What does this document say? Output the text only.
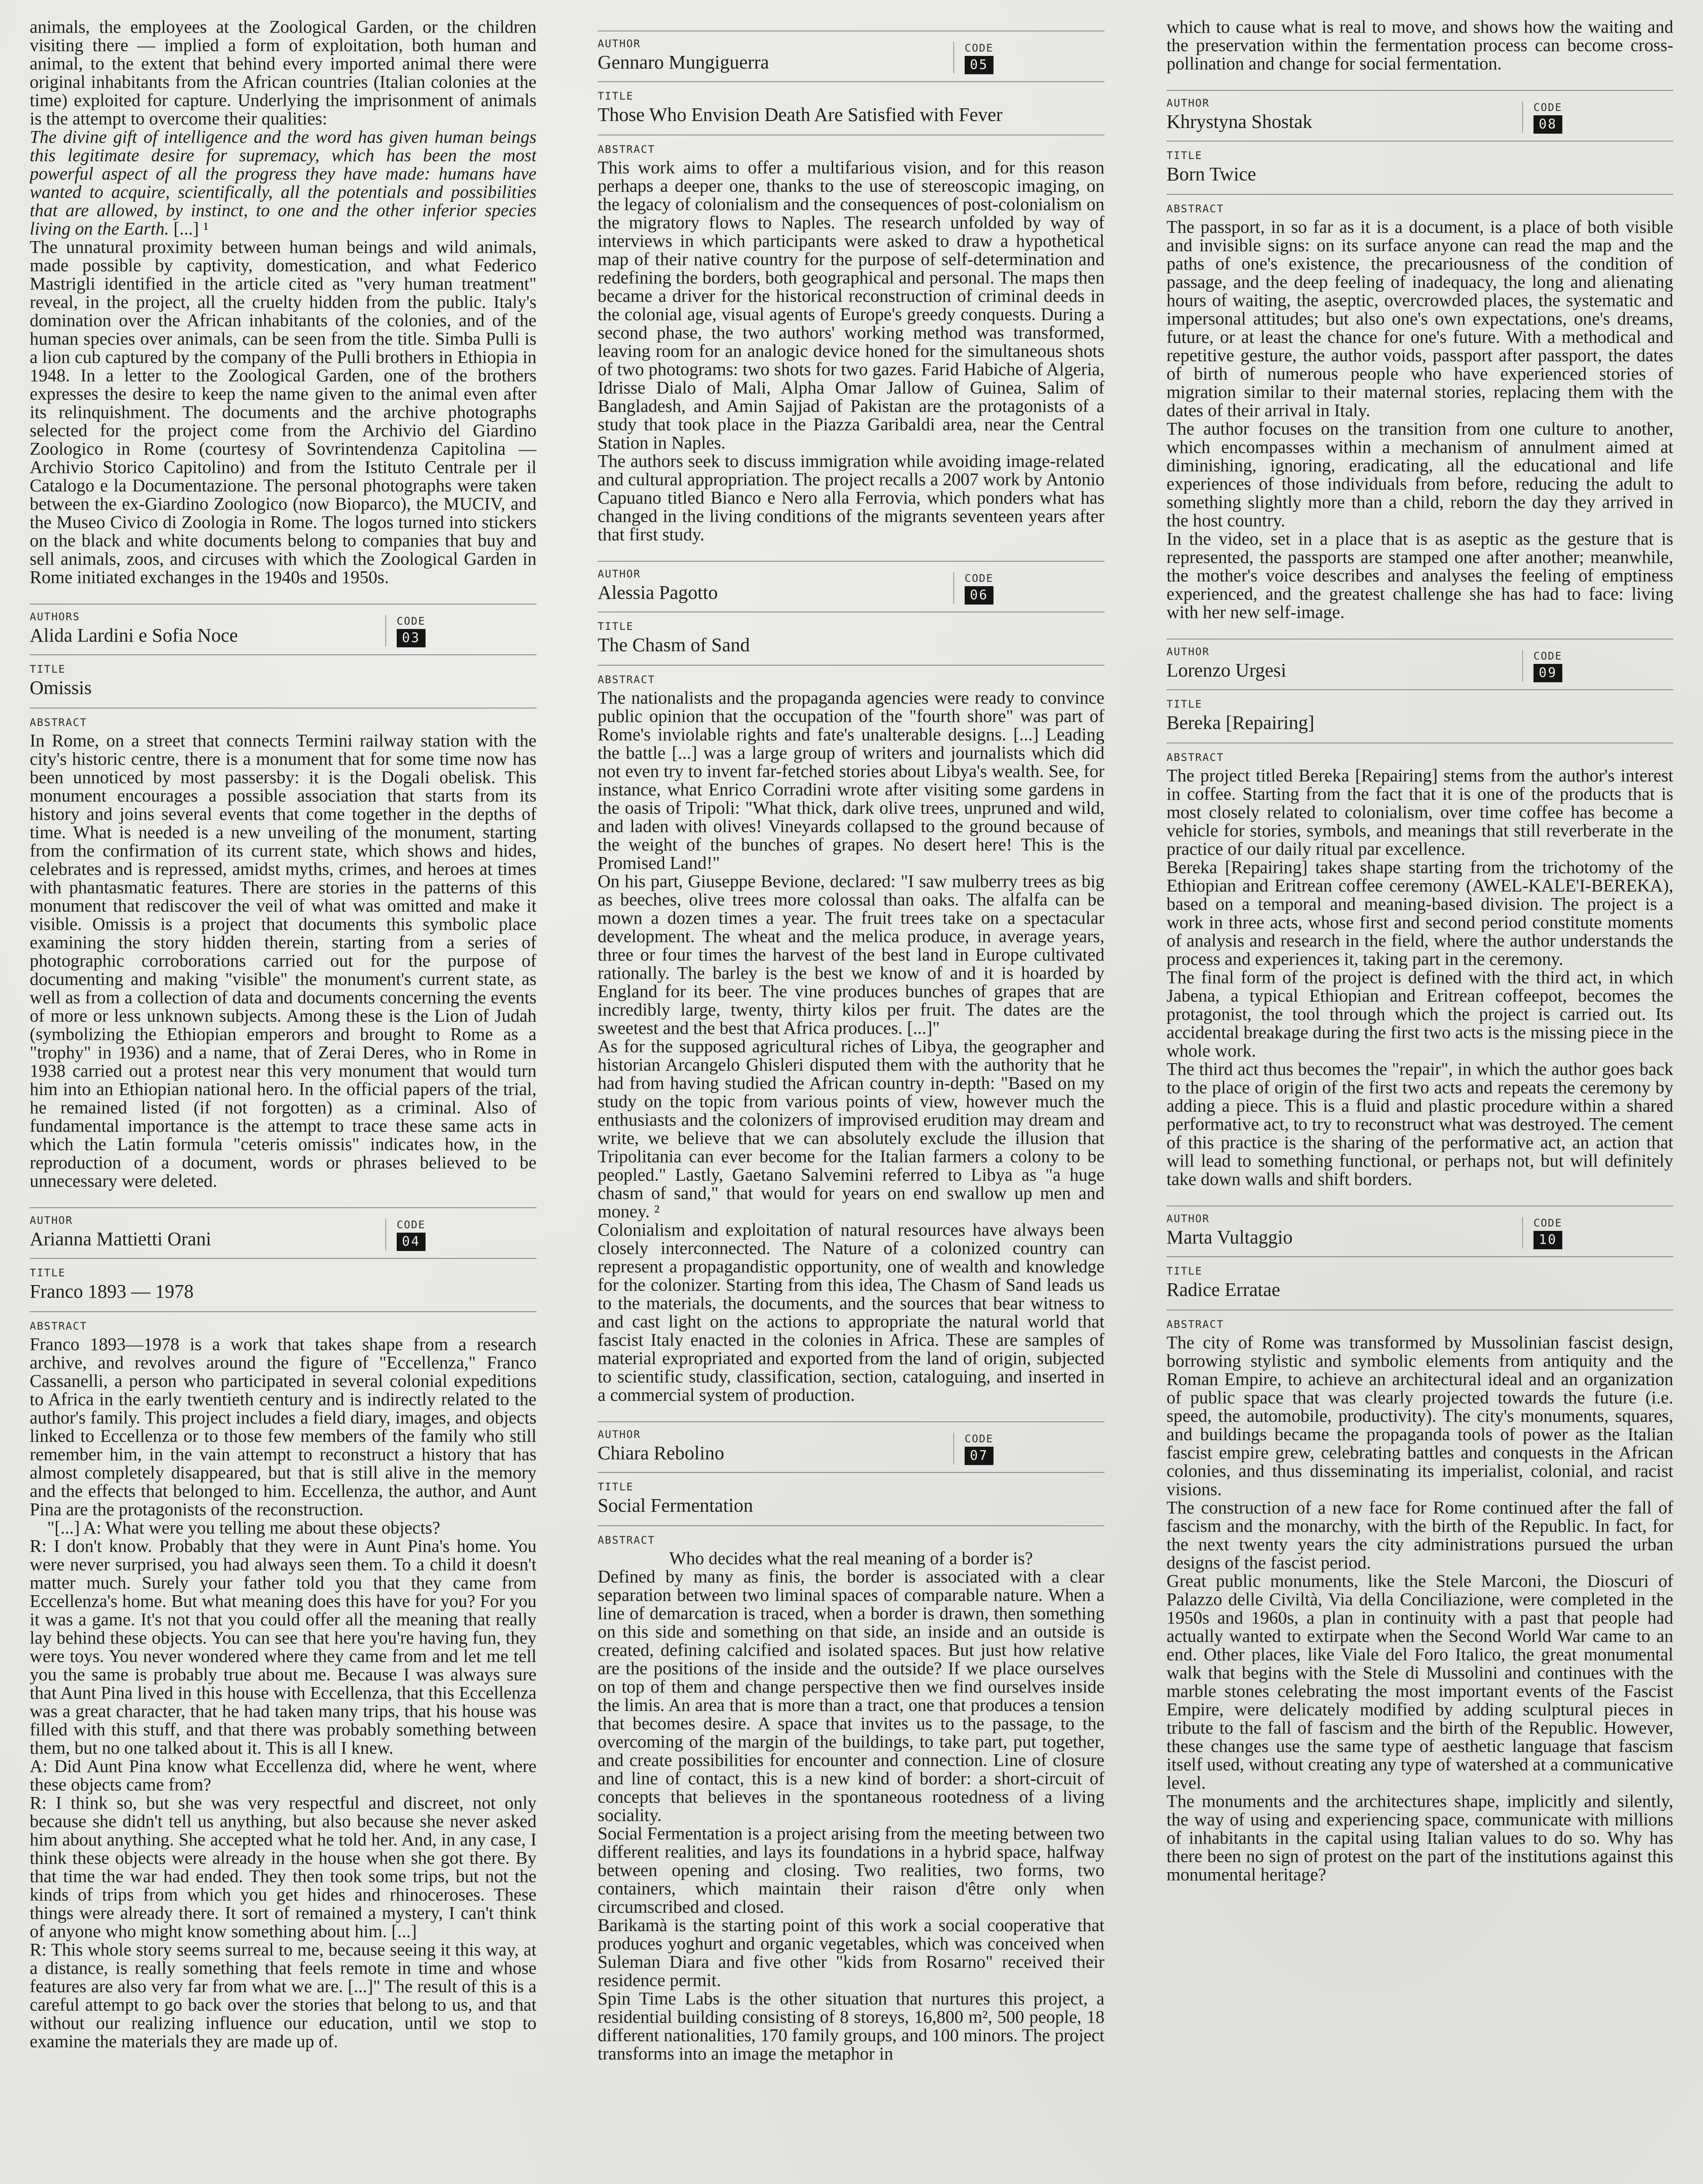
animals, the employees at the Zoological Garden, or the children visiting there — implied a form of exploitation, both human and animal, to the extent that behind every imported animal there were original inhabitants from the African countries (Italian colonies at the time) exploited for capture. Underlying the imprisonment of animals is the attempt to overcome their qualities:

The divine gift of intelligence and the word has given human beings this legitimate desire for supremacy, which has been the most powerful aspect of all the progress they have made: humans have wanted to acquire, scientifically, all the potentials and possibilities that are allowed, by instinct, to one and the other inferior species living on the Earth. [...] ¹

The unnatural proximity between human beings and wild animals, made possible by captivity, domestication, and what Federico Mastrigli identified in the article cited as "very human treatment" reveal, in the project, all the cruelty hidden from the public. Italy's domination over the African inhabitants of the colonies, and of the human species over animals, can be seen from the title. Simba Pulli is a lion cub captured by the company of the Pulli brothers in Ethiopia in 1948. In a letter to the Zoological Garden, one of the brothers expresses the desire to keep the name given to the animal even after its relinquishment. The documents and the archive photographs selected for the project come from the Archivio del Giardino Zoologico in Rome (courtesy of Sovrintendenza Capitolina — Archivio Storico Capitolino) and from the Istituto Centrale per il Catalogo e la Documentazione. The personal photographs were taken between the ex-Giardino Zoologico (now Bioparco), the MUCIV, and the Museo Civico di Zoologia in Rome. The logos turned into stickers on the black and white documents belong to companies that buy and sell animals, zoos, and circuses with which the Zoological Garden in Rome initiated exchanges in the 1940s and 1950s.

AUTHORS

Alida Lardini e Sofia Noce

CODE

03

TITLE

Omissis

ABSTRACT

In Rome, on a street that connects Termini railway station with the city's historic centre, there is a monument that for some time now has been unnoticed by most passersby: it is the Dogali obelisk. This monument encourages a possible association that starts from its history and joins several events that come together in the depths of time. What is needed is a new unveiling of the monument, starting from the confirmation of its current state, which shows and hides, celebrates and is repressed, amidst myths, crimes, and heroes at times with phantasmatic features. There are stories in the patterns of this monument that rediscover the veil of what was omitted and make it visible. Omissis is a project that documents this symbolic place examining the story hidden therein, starting from a series of photographic corroborations carried out for the purpose of documenting and making "visible" the monument's current state, as well as from a collection of data and documents concerning the events of more or less unknown subjects. Among these is the Lion of Judah (symbolizing the Ethiopian emperors and brought to Rome as a "trophy" in 1936) and a name, that of Zerai Deres, who in Rome in 1938 carried out a protest near this very monument that would turn him into an Ethiopian national hero. In the official papers of the trial, he remained listed (if not forgotten) as a criminal. Also of fundamental importance is the attempt to trace these same acts in which the Latin formula "ceteris omissis" indicates how, in the reproduction of a document, words or phrases believed to be unnecessary were deleted.

AUTHOR

Arianna Mattietti Orani

CODE

04

TITLE

Franco 1893 — 1978

ABSTRACT

Franco 1893—1978 is a work that takes shape from a research archive, and revolves around the figure of "Eccellenza," Franco Cassanelli, a person who participated in several colonial expeditions to Africa in the early twentieth century and is indirectly related to the author's family. This project includes a field diary, images, and objects linked to Eccellenza or to those few members of the family who still remember him, in the vain attempt to reconstruct a history that has almost completely disappeared, but that is still alive in the memory and the effects that belonged to him. Eccellenza, the author, and Aunt Pina are the protagonists of the reconstruction.

"[...] A: What were you telling me about these objects?

R: I don't know. Probably that they were in Aunt Pina's home. You were never surprised, you had always seen them. To a child it doesn't matter much. Surely your father told you that they came from Eccellenza's home. But what meaning does this have for you? For you it was a game. It's not that you could offer all the meaning that really lay behind these objects. You can see that here you're having fun, they were toys. You never wondered where they came from and let me tell you the same is probably true about me. Because I was always sure that Aunt Pina lived in this house with Eccellenza, that this Eccellenza was a great character, that he had taken many trips, that his house was filled with this stuff, and that there was probably something between them, but no one talked about it. This is all I knew.

A: Did Aunt Pina know what Eccellenza did, where he went, where these objects came from?

R: I think so, but she was very respectful and discreet, not only because she didn't tell us anything, but also because she never asked him about anything. She accepted what he told her. And, in any case, I think these objects were already in the house when she got there. By that time the war had ended. They then took some trips, but not the kinds of trips from which you get hides and rhinoceroses. These things were already there. It sort of remained a mystery, I can't think of anyone who might know something about him. [...]

R: This whole story seems surreal to me, because seeing it this way, at a distance, is really something that feels remote in time and whose features are also very far from what we are. [...]" The result of this is a careful attempt to go back over the stories that belong to us, and that without our realizing influence our education, until we stop to examine the materials they are made up of.

AUTHOR

Gennaro Mungiguerra

CODE

05

TITLE

Those Who Envision Death Are Satisfied with Fever

ABSTRACT

This work aims to offer a multifarious vision, and for this reason perhaps a deeper one, thanks to the use of stereoscopic imaging, on the legacy of colonialism and the consequences of post-colonialism on the migratory flows to Naples. The research unfolded by way of interviews in which participants were asked to draw a hypothetical map of their native country for the purpose of self-determination and redefining the borders, both geographical and personal. The maps then became a driver for the historical reconstruction of criminal deeds in the colonial age, visual agents of Europe's greedy conquests. During a second phase, the two authors' working method was transformed, leaving room for an analogic device honed for the simultaneous shots of two photograms: two shots for two gazes. Farid Habiche of Algeria, Idrisse Dialo of Mali, Alpha Omar Jallow of Guinea, Salim of Bangladesh, and Amin Sajjad of Pakistan are the protagonists of a study that took place in the Piazza Garibaldi area, near the Central Station in Naples.

The authors seek to discuss immigration while avoiding image-related and cultural appropriation. The project recalls a 2007 work by Antonio Capuano titled Bianco e Nero alla Ferrovia, which ponders what has changed in the living conditions of the migrants seventeen years after that first study.

AUTHOR

Alessia Pagotto

CODE

06

TITLE

The Chasm of Sand

ABSTRACT

The nationalists and the propaganda agencies were ready to convince public opinion that the occupation of the "fourth shore" was part of Rome's inviolable rights and fate's unalterable designs. [...] Leading the battle [...] was a large group of writers and journalists which did not even try to invent far-fetched stories about Libya's wealth. See, for instance, what Enrico Corradini wrote after visiting some gardens in the oasis of Tripoli: "What thick, dark olive trees, unpruned and wild, and laden with olives! Vineyards collapsed to the ground because of the weight of the bunches of grapes. No desert here! This is the Promised Land!"

On his part, Giuseppe Bevione, declared: "I saw mulberry trees as big as beeches, olive trees more colossal than oaks. The alfalfa can be mown a dozen times a year. The fruit trees take on a spectacular development. The wheat and the melica produce, in average years, three or four times the harvest of the best land in Europe cultivated rationally. The barley is the best we know of and it is hoarded by England for its beer. The vine produces bunches of grapes that are incredibly large, twenty, thirty kilos per fruit. The dates are the sweetest and the best that Africa produces. [...]"

As for the supposed agricultural riches of Libya, the geographer and historian Arcangelo Ghisleri disputed them with the authority that he had from having studied the African country in-depth: "Based on my study on the topic from various points of view, however much the enthusiasts and the colonizers of improvised erudition may dream and write, we believe that we can absolutely exclude the illusion that Tripolitania can ever become for the Italian farmers a colony to be peopled." Lastly, Gaetano Salvemini referred to Libya as "a huge chasm of sand," that would for years on end swallow up men and money. ²

Colonialism and exploitation of natural resources have always been closely interconnected. The Nature of a colonized country can represent a propagandistic opportunity, one of wealth and knowledge for the colonizer. Starting from this idea, The Chasm of Sand leads us to the materials, the documents, and the sources that bear witness to and cast light on the actions to appropriate the natural world that fascist Italy enacted in the colonies in Africa. These are samples of material expropriated and exported from the land of origin, subjected to scientific study, classification, section, cataloguing, and inserted in a commercial system of production.

AUTHOR

Chiara Rebolino

CODE

07

TITLE

Social Fermentation

ABSTRACT

Who decides what the real meaning of a border is?

Defined by many as finis, the border is associated with a clear separation between two liminal spaces of comparable nature. When a line of demarcation is traced, when a border is drawn, then something on this side and something on that side, an inside and an outside is created, defining calcified and isolated spaces. But just how relative are the positions of the inside and the outside? If we place ourselves on top of them and change perspective then we find ourselves inside the limis. An area that is more than a tract, one that produces a tension that becomes desire. A space that invites us to the passage, to the overcoming of the margin of the buildings, to take part, put together, and create possibilities for encounter and connection. Line of closure and line of contact, this is a new kind of border: a short-circuit of concepts that believes in the spontaneous rootedness of a living sociality.

Social Fermentation is a project arising from the meeting between two different realities, and lays its foundations in a hybrid space, halfway between opening and closing. Two realities, two forms, two containers, which maintain their raison d'être only when circumscribed and closed.

Barikamà is the starting point of this work a social cooperative that produces yoghurt and organic vegetables, which was conceived when Suleman Diara and five other "kids from Rosarno" received their residence permit.

Spin Time Labs is the other situation that nurtures this project, a residential building consisting of 8 storeys, 16,800 m², 500 people, 18 different nationalities, 170 family groups, and 100 minors. The project transforms into an image the metaphor in

which to cause what is real to move, and shows how the waiting and the preservation within the fermentation process can become cross-pollination and change for social fermentation.

AUTHOR

Khrystyna Shostak

CODE

08

TITLE

Born Twice

ABSTRACT

The passport, in so far as it is a document, is a place of both visible and invisible signs: on its surface anyone can read the map and the paths of one's existence, the precariousness of the condition of passage, and the deep feeling of inadequacy, the long and alienating hours of waiting, the aseptic, overcrowded places, the systematic and impersonal attitudes; but also one's own expectations, one's dreams, future, or at least the chance for one's future. With a methodical and repetitive gesture, the author voids, passport after passport, the dates of birth of numerous people who have experienced stories of migration similar to their maternal stories, replacing them with the dates of their arrival in Italy.

The author focuses on the transition from one culture to another, which encompasses within a mechanism of annulment aimed at diminishing, ignoring, eradicating, all the educational and life experiences of those individuals from before, reducing the adult to something slightly more than a child, reborn the day they arrived in the host country.

In the video, set in a place that is as aseptic as the gesture that is represented, the passports are stamped one after another; meanwhile, the mother's voice describes and analyses the feeling of emptiness experienced, and the greatest challenge she has had to face: living with her new self-image.

AUTHOR

Lorenzo Urgesi

CODE

09

TITLE

Bereka [Repairing]

ABSTRACT

The project titled Bereka [Repairing] stems from the author's interest in coffee. Starting from the fact that it is one of the products that is most closely related to colonialism, over time coffee has become a vehicle for stories, symbols, and meanings that still reverberate in the practice of our daily ritual par excellence.

Bereka [Repairing] takes shape starting from the trichotomy of the Ethiopian and Eritrean coffee ceremony (AWEL-KALE'I-BEREKA), based on a temporal and meaning-based division. The project is a work in three acts, whose first and second period constitute moments of analysis and research in the field, where the author understands the process and experiences it, taking part in the ceremony.

The final form of the project is defined with the third act, in which Jabena, a typical Ethiopian and Eritrean coffeepot, becomes the protagonist, the tool through which the project is carried out. Its accidental breakage during the first two acts is the missing piece in the whole work.

The third act thus becomes the "repair", in which the author goes back to the place of origin of the first two acts and repeats the ceremony by adding a piece. This is a fluid and plastic procedure within a shared performative act, to try to reconstruct what was destroyed. The cement of this practice is the sharing of the performative act, an action that will lead to something functional, or perhaps not, but will definitely take down walls and shift borders.

AUTHOR

Marta Vultaggio

CODE

10

TITLE

Radice Erratae

ABSTRACT

The city of Rome was transformed by Mussolinian fascist design, borrowing stylistic and symbolic elements from antiquity and the Roman Empire, to achieve an architectural ideal and an organization of public space that was clearly projected towards the future (i.e. speed, the automobile, productivity). The city's monuments, squares, and buildings became the propaganda tools of power as the Italian fascist empire grew, celebrating battles and conquests in the African colonies, and thus disseminating its imperialist, colonial, and racist visions.

The construction of a new face for Rome continued after the fall of fascism and the monarchy, with the birth of the Republic. In fact, for the next twenty years the city administrations pursued the urban designs of the fascist period.

Great public monuments, like the Stele Marconi, the Dioscuri of Palazzo delle Civiltà, Via della Conciliazione, were completed in the 1950s and 1960s, a plan in continuity with a past that people had actually wanted to extirpate when the Second World War came to an end. Other places, like Viale del Foro Italico, the great monumental walk that begins with the Stele di Mussolini and continues with the marble stones celebrating the most important events of the Fascist Empire, were delicately modified by adding sculptural pieces in tribute to the fall of fascism and the birth of the Republic. However, these changes use the same type of aesthetic language that fascism itself used, without creating any type of watershed at a communicative level.

The monuments and the architectures shape, implicitly and silently, the way of using and experiencing space, communicate with millions of inhabitants in the capital using Italian values to do so. Why has there been no sign of protest on the part of the institutions against this monumental heritage?
